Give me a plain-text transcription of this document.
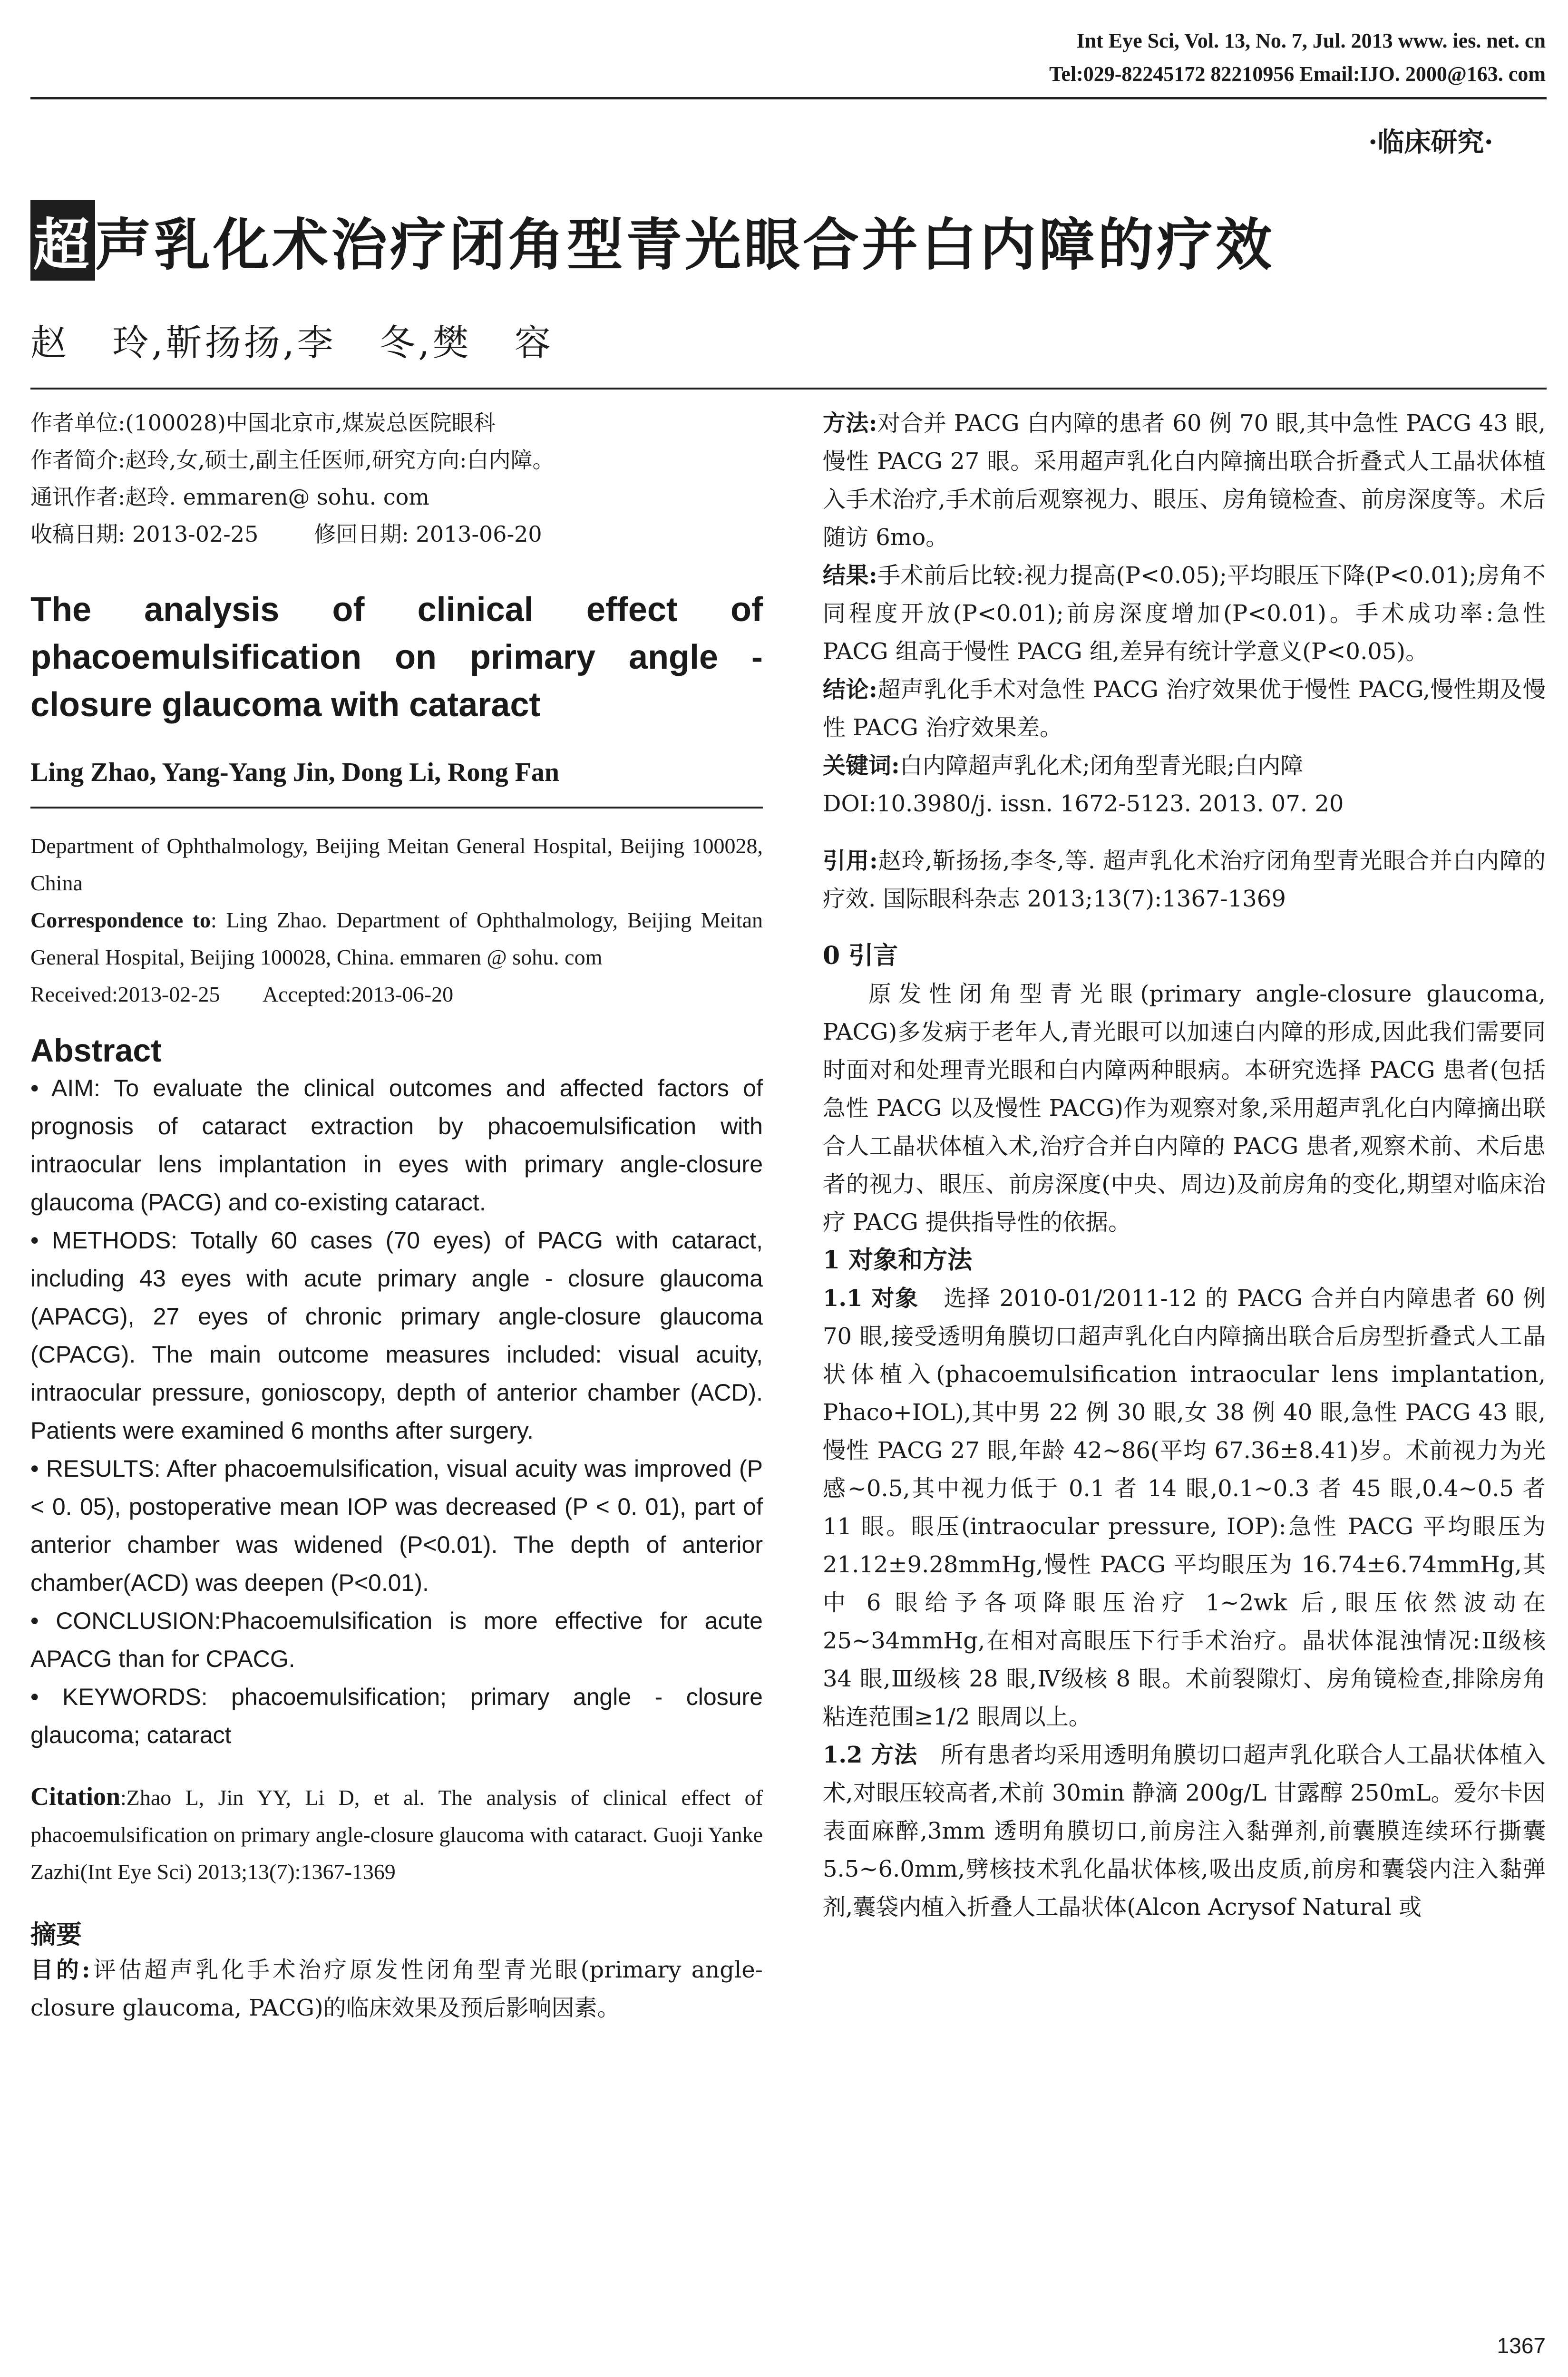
Int Eye Sci, Vol. 13, No. 7, Jul. 2013 www. ies. net. cn
Tel:029-82245172 82210956 Email:IJO. 2000@163. com
·临床研究·
超声乳化术治疗闭角型青光眼合并白内障的疗效
赵   玲,靳扬扬,李   冬,樊   容
作者单位:(100028)中国北京市,煤炭总医院眼科
作者简介:赵玲,女,硕士,副主任医师,研究方向:白内障。
通讯作者:赵玲. emmaren@ sohu. com
收稿日期: 2013-02-25        修回日期: 2013-06-20
The analysis of clinical effect of phacoemulsification on primary angle - closure glaucoma with cataract
Ling Zhao, Yang-Yang Jin, Dong Li, Rong Fan
Department of Ophthalmology, Beijing Meitan General Hospital, Beijing 100028, China
Correspondence to: Ling Zhao. Department of Ophthalmology, Beijing Meitan General Hospital, Beijing 100028, China. emmaren @ sohu. com
Received:2013-02-25        Accepted:2013-06-20
Abstract
• AIM: To evaluate the clinical outcomes and affected factors of prognosis of cataract extraction by phacoemulsification with intraocular lens implantation in eyes with primary angle-closure glaucoma (PACG) and co-existing cataract.
• METHODS: Totally 60 cases (70 eyes) of PACG with cataract, including 43 eyes with acute primary angle - closure glaucoma (APACG), 27 eyes of chronic primary angle-closure glaucoma (CPACG). The main outcome measures included: visual acuity, intraocular pressure, gonioscopy, depth of anterior chamber (ACD). Patients were examined 6 months after surgery.
• RESULTS: After phacoemulsification, visual acuity was improved (P < 0. 05), postoperative mean IOP was decreased (P < 0. 01), part of anterior chamber was widened (P<0.01). The depth of anterior chamber(ACD) was deepen (P<0.01).
• CONCLUSION:Phacoemulsification is more effective for acute APACG than for CPACG.
• KEYWORDS: phacoemulsification; primary angle - closure glaucoma; cataract
Citation:Zhao L, Jin YY, Li D, et al. The analysis of clinical effect of phacoemulsification on primary angle-closure glaucoma with cataract. Guoji Yanke Zazhi(Int Eye Sci) 2013;13(7):1367-1369
摘要
目的:评估超声乳化手术治疗原发性闭角型青光眼(primary angle-closure glaucoma, PACG)的临床效果及预后影响因素。
方法:对合并 PACG 白内障的患者 60 例 70 眼,其中急性 PACG 43 眼,慢性 PACG 27 眼。采用超声乳化白内障摘出联合折叠式人工晶状体植入手术治疗,手术前后观察视力、眼压、房角镜检查、前房深度等。术后随访 6mo。
结果:手术前后比较:视力提高(P<0.05);平均眼压下降(P<0.01);房角不同程度开放(P<0.01);前房深度增加(P<0.01)。手术成功率:急性 PACG 组高于慢性 PACG 组,差异有统计学意义(P<0.05)。
结论:超声乳化手术对急性 PACG 治疗效果优于慢性 PACG,慢性期及慢性 PACG 治疗效果差。
关键词:白内障超声乳化术;闭角型青光眼;白内障
DOI:10.3980/j. issn. 1672-5123. 2013. 07. 20
引用:赵玲,靳扬扬,李冬,等. 超声乳化术治疗闭角型青光眼合并白内障的疗效. 国际眼科杂志 2013;13(7):1367-1369
0 引言
原发性闭角型青光眼(primary angle-closure glaucoma, PACG)多发病于老年人,青光眼可以加速白内障的形成,因此我们需要同时面对和处理青光眼和白内障两种眼病。本研究选择 PACG 患者(包括急性 PACG 以及慢性 PACG)作为观察对象,采用超声乳化白内障摘出联合人工晶状体植入术,治疗合并白内障的 PACG 患者,观察术前、术后患者的视力、眼压、前房深度(中央、周边)及前房角的变化,期望对临床治疗 PACG 提供指导性的依据。
1 对象和方法
1.1 对象 选择 2010-01/2011-12 的 PACG 合并白内障患者 60 例 70 眼,接受透明角膜切口超声乳化白内障摘出联合后房型折叠式人工晶状体植入(phacoemulsification intraocular lens implantation, Phaco+IOL),其中男 22 例 30 眼,女 38 例 40 眼,急性 PACG 43 眼,慢性 PACG 27 眼,年龄 42~86(平均 67.36±8.41)岁。术前视力为光感~0.5,其中视力低于 0.1 者 14 眼,0.1~0.3 者 45 眼,0.4~0.5 者 11 眼。眼压(intraocular pressure, IOP):急性 PACG 平均眼压为 21.12±9.28mmHg,慢性 PACG 平均眼压为 16.74±6.74mmHg,其中 6 眼给予各项降眼压治疗 1~2wk 后,眼压依然波动在 25~34mmHg,在相对高眼压下行手术治疗。晶状体混浊情况:Ⅱ级核 34 眼,Ⅲ级核 28 眼,Ⅳ级核 8 眼。术前裂隙灯、房角镜检查,排除房角粘连范围≥1/2 眼周以上。
1.2 方法 所有患者均采用透明角膜切口超声乳化联合人工晶状体植入术,对眼压较高者,术前 30min 静滴 200g/L 甘露醇 250mL。爱尔卡因表面麻醉,3mm 透明角膜切口,前房注入黏弹剂,前囊膜连续环行撕囊 5.5~6.0mm,劈核技术乳化晶状体核,吸出皮质,前房和囊袋内注入黏弹剂,囊袋内植入折叠人工晶状体(Alcon Acrysof Natural 或
1367
